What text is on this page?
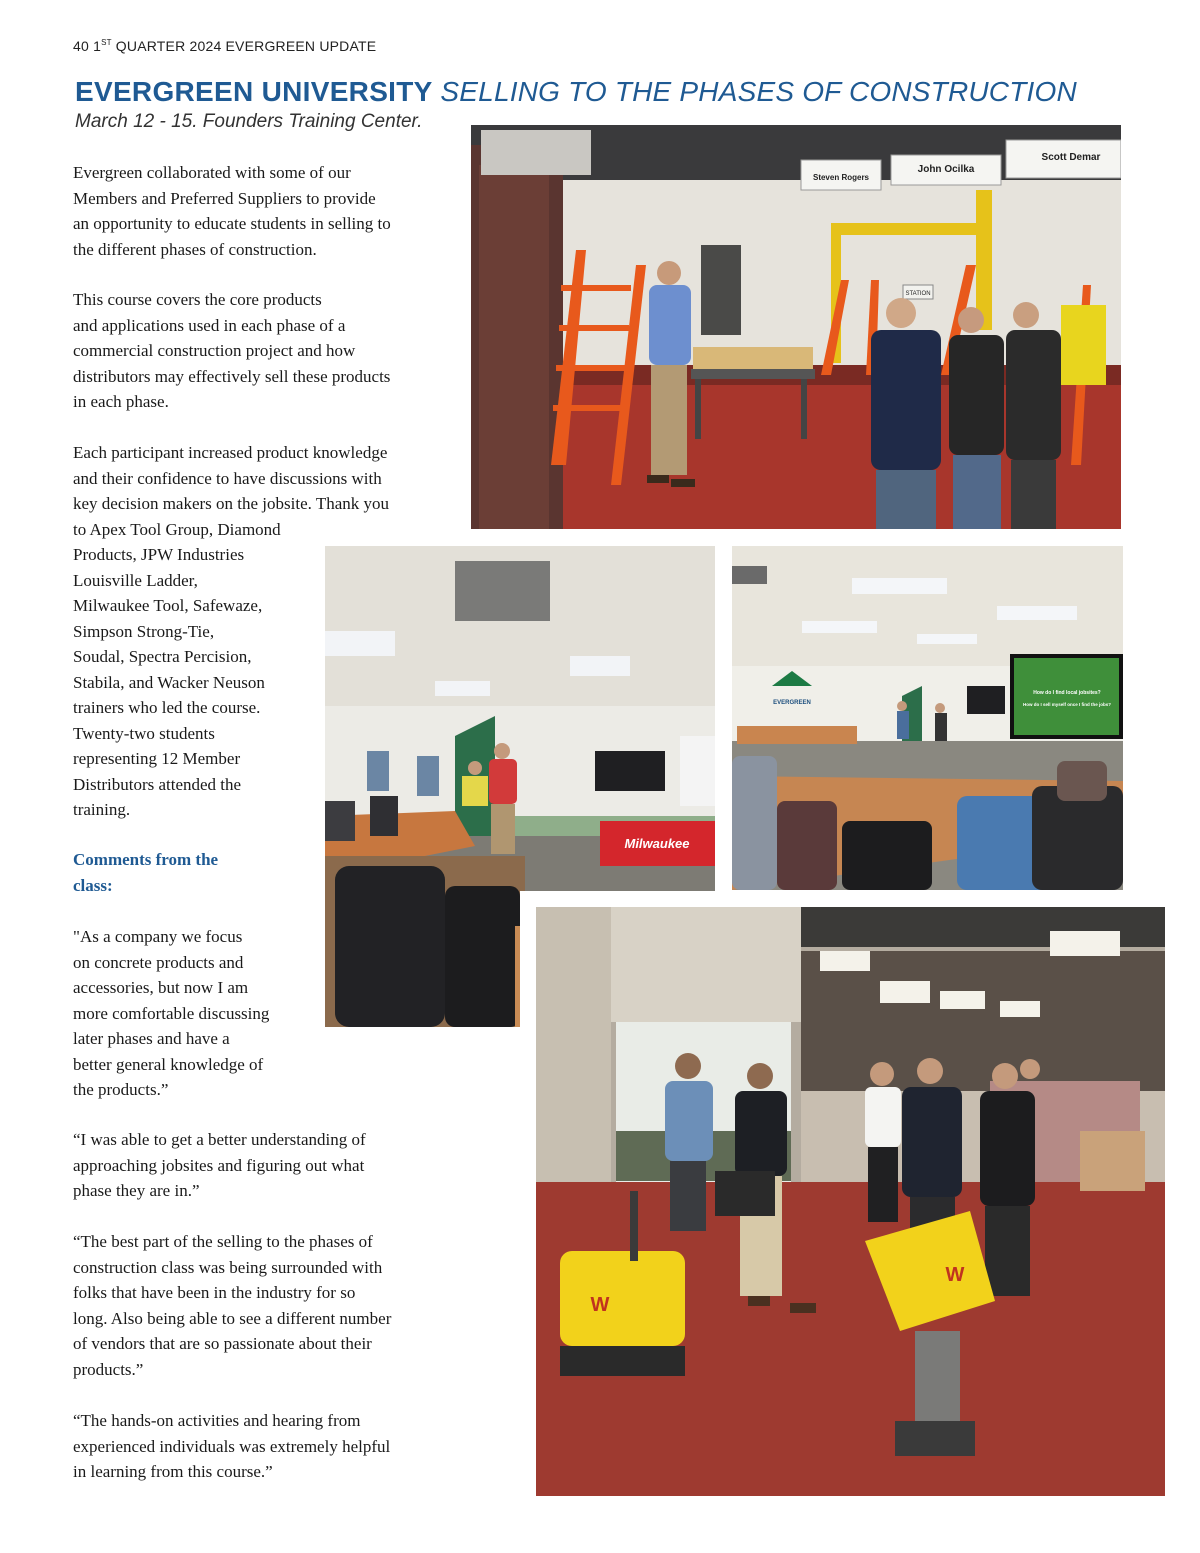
40 1ST QUARTER 2024 EVERGREEN UPDATE
EVERGREEN UNIVERSITY SELLING TO THE PHASES OF CONSTRUCTION
March 12 - 15. Founders Training Center.

Evergreen collaborated with some of our

Members and Preferred Suppliers to provide

an opportunity to educate students in selling to

the different phases of construction.

This course covers the core products

and applications used in each phase of a

commercial construction project and how

distributors may effectively sell these products

in each phase.

Each participant increased product knowledge

and their confidence to have discussions with

key decision makers on the jobsite. Thank you

to Apex Tool Group, Diamond

Products, JPW Industries

Louisville Ladder,

Milwaukee Tool, Safewaze,

Simpson Strong-Tie,

Soudal, Spectra Percision,

Stabila, and Wacker Neuson

trainers who led the course.

Twenty-two students

representing 12 Member

Distributors attended the

training.

Comments from the
class:

"As a company we focus

on concrete products and

accessories, but now I am

more comfortable discussing

later phases and have a

better general knowledge of

the products.”

“I was able to get a better understanding of

approaching jobsites and figuring out what

phase they are in.”

“The best part of the selling to the phases of

construction class was being surrounded with

folks that have been in the industry for so

long. Also being able to see a different number

of vendors that are so passionate about their

products.”

“The hands-on activities and hearing from

experienced individuals was extremely helpful

in learning from this course.”

Steven Rogers
John Ocilka
Scott Demar
STATION
Milwaukee
EVERGREEN
How do I find local jobsites?
How do I sell myself once I find the jobs?
W
W
